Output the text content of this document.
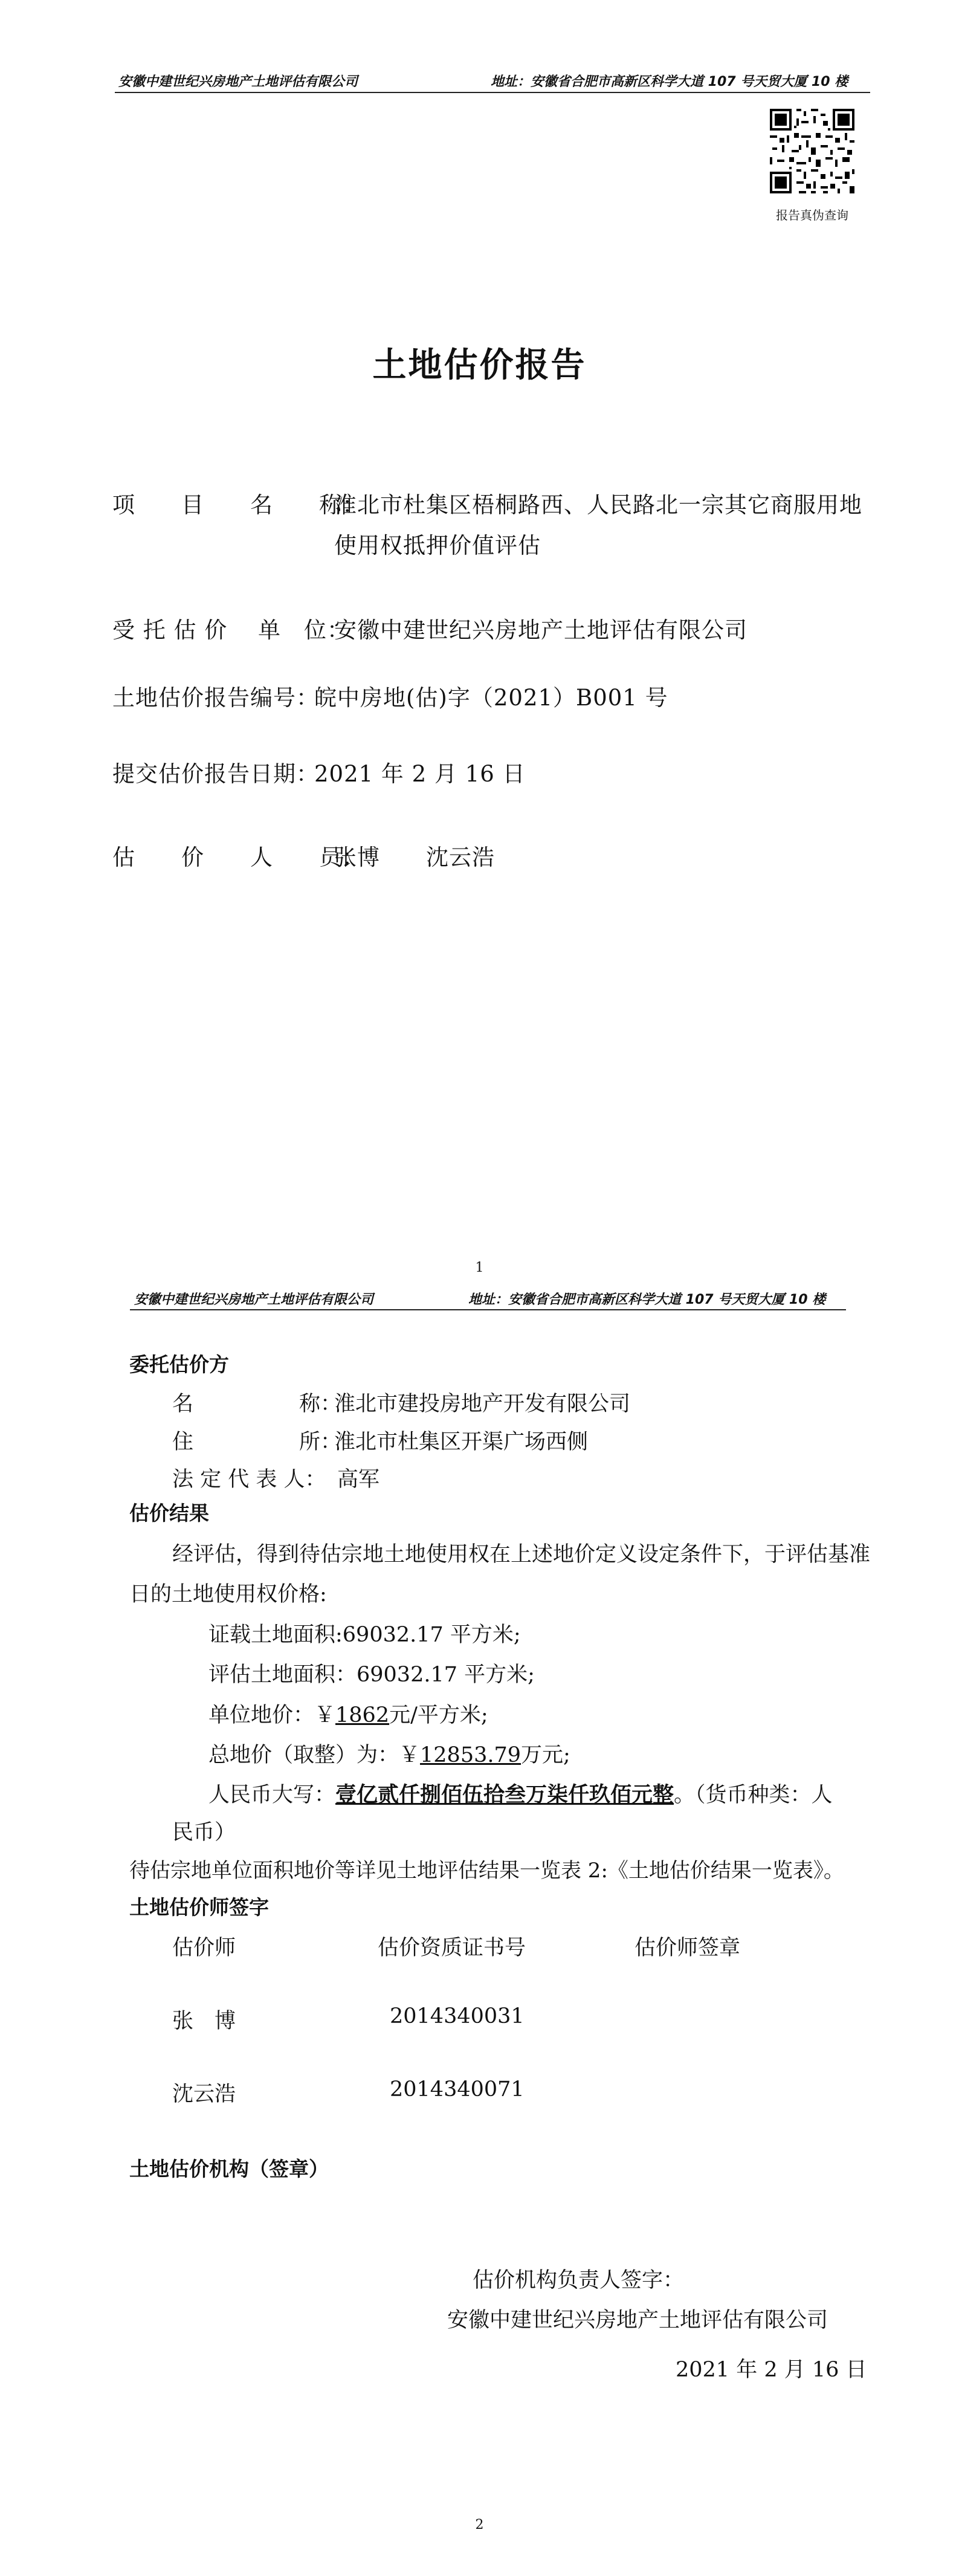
安徽中建世纪兴房地产土地评估有限公司	地址：安徽省合肥市高新区科学大道 107 号天贸大厦 10 楼
报告真伪查询
土地估价报告
项　　目　　名　　称：
淮北市杜集区梧桐路西、人民路北一宗其它商服用地
使用权抵押价值评估
受 托 估 价 　单　位：
安徽中建世纪兴房地产土地评估有限公司
土地估价报告编号：
皖中房地(估)字（2021）B001 号
提交估价报告日期：
2021 年 2 月 16 日
估　　价　　人　　员：
张博　　沈云浩
1
安徽中建世纪兴房地产土地评估有限公司	地址：安徽省合肥市高新区科学大道 107 号天贸大厦 10 楼
委托估价方
名　　　　　称：
淮北市建投房地产开发有限公司
住　　　　　所：
淮北市杜集区开渠广场西侧
法 定 代 表 人： 高军
估价结果
经评估，得到待估宗地土地使用权在上述地价定义设定条件下，于评估基准
日的土地使用权价格:
证载土地面积:69032.17 平方米;
评估土地面积：69032.17 平方米;
单位地价：￥1862元/平方米;
总地价（取整）为：￥12853.79万元;
人民币大写：壹亿贰仟捌佰伍拾叁万柒仟玖佰元整。（货币种类：人
民币）
待估宗地单位面积地价等详见土地评估结果一览表 2:《土地估价结果一览表》。
土地估价师签字
估价师	估价资质证书号	估价师签章
张　博	2014340031
沈云浩	2014340071
土地估价机构（签章）
估价机构负责人签字：
安徽中建世纪兴房地产土地评估有限公司
2021 年 2 月 16 日
2
